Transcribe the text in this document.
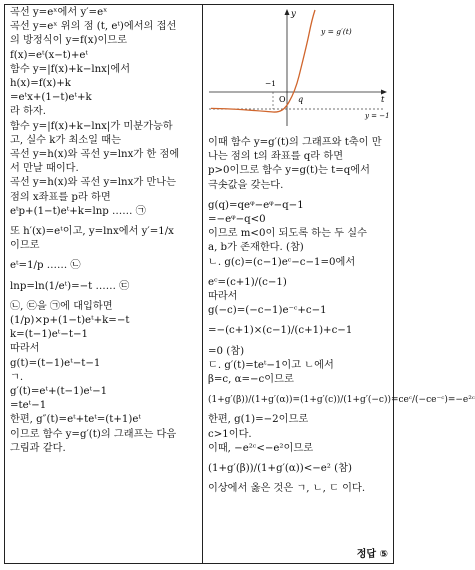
곡선 y=eˣ에서 y′=eˣ
곡선 y=eˣ 위의 점 (t, eᵗ)에서의 접선
의 방정식이 y=f(x)이므로
f(x)=eᵗ(x−t)+eᵗ
함수 y=|f(x)+k−lnx|에서
h(x)=f(x)+k
=eᵗx+(1−t)eᵗ+k
라 하자.
함수 y=|f(x)+k−lnx|가 미분가능하
고, 실수 k가 최소일 때는
곡선 y=h(x)와 곡선 y=lnx가 한 점에
서 만날 때이다.
곡선 y=h(x)와 곡선 y=lnx가 만나는
점의 x좌표를 p라 하면
eᵗp+(1−t)eᵗ+k=lnp …… ㉠
또 h′(x)=eᵗ이고, y=lnx에서 y′=1/x
이므로
eᵗ=1/p …… ㉡
lnp=ln(1/eᵗ)=−t …… ㉢
㉡, ㉢을 ㉠에 대입하면
(1/p)×p+(1−t)eᵗ+k=−t
k=(t−1)eᵗ−t−1
따라서
g(t)=(t−1)eᵗ−t−1
ㄱ.
g′(t)=eᵗ+(t−1)eᵗ−1
=teᵗ−1
한편, g″(t)=eᵗ+teᵗ=(t+1)eᵗ
이므로 함수 y=g′(t)의 그래프는 다음
그림과 같다.
y
y = g′(t)
t
O q
−1
y = −1
이때 함수 y=g′(t)의 그래프와 t축이 만
나는 점의 t의 좌표를 q라 하면
p>0이므로 함수 y=g(t)는 t=q에서
극솟값을 갖는다.
g(q)=qeᵠ−eᵠ−q−1
=−eᵠ−q<0
이므로 m<0이 되도록 하는 두 실수
a, b가 존재한다. (참)
ㄴ. g(c)=(c−1)eᶜ−c−1=0에서
eᶜ=(c+1)/(c−1)
따라서
g(−c)=(−c−1)e⁻ᶜ+c−1
=−(c+1)×(c−1)/(c+1)+c−1
=0 (참)
ㄷ. g′(t)=teᵗ−1이고 ㄴ에서
β=c, α=−c이므로
(1+g′(β))/(1+g′(α))=(1+g′(c))/(1+g′(−c))=ceᶜ/(−ce⁻ᶜ)=−e²ᶜ
한편, g(1)=−2이므로
c>1이다.
이때, −e²ᶜ<−e²이므로
(1+g′(β))/(1+g′(α))<−e² (참)
이상에서 옳은 것은 ㄱ, ㄴ, ㄷ 이다.
정답 ⑤
